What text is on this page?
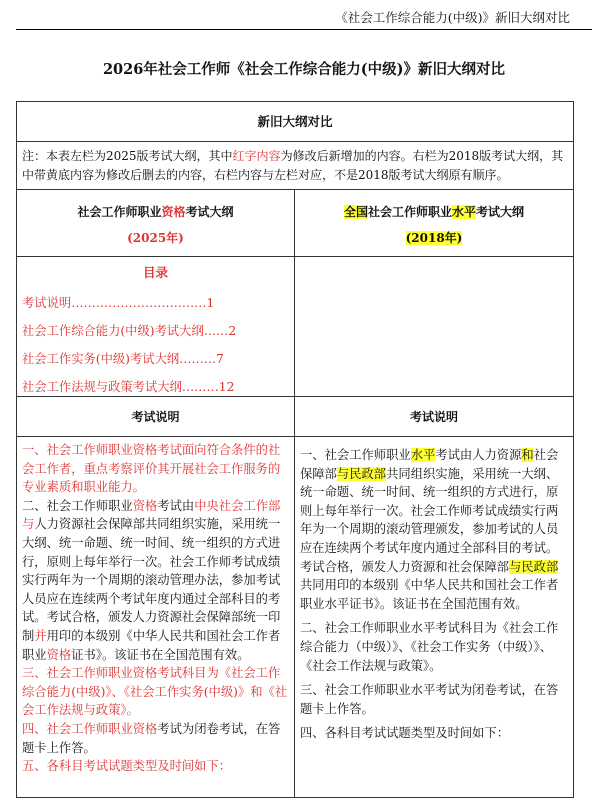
《社会工作综合能力(中级)》新旧大纲对比
2026年社会工作师《社会工作综合能力(中级)》新旧大纲对比
新旧大纲对比
注：本表左栏为2025版考试大纲，其中红字内容为修改后新增加的内容。右栏为2018版考试大纲，其中带黄底内容为修改后删去的内容，右栏内容与左栏对应，不是2018版考试大纲原有顺序。
社会工作师职业资格考试大纲
(2025年)
全国社会工作师职业水平考试大纲
(2018年)
目录
考试说明……………………………1
社会工作综合能力(中级)考试大纲……2
社会工作实务(中级)考试大纲………7
社会工作法规与政策考试大纲………12
考试说明	考试说明

一、社会工作师职业资格考试面向符合条件的社会工作者，重点考察评价其开展社会工作服务的专业素质和职业能力。

二、社会工作师职业资格考试由中央社会工作部与人力资源社会保障部共同组织实施，采用统一大纲、统一命题、统一时间、统一组织的方式进行，原则上每年举行一次。社会工作师考试成绩实行两年为一个周期的滚动管理办法，参加考试人员应在连续两个考试年度内通过全部科目的考试。考试合格，颁发人力资源社会保障部统一印制并用印的本级别《中华人民共和国社会工作者职业资格证书》。该证书在全国范围有效。

三、社会工作师职业资格考试科目为《社会工作综合能力(中级)》、《社会工作实务(中级)》和《社会工作法规与政策》。

四、社会工作师职业资格考试为闭卷考试，在答题卡上作答。

五、各科目考试试题类型及时间如下：

一、社会工作师职业水平考试由人力资源和社会保障部与民政部共同组织实施，采用统一大纲、统一命题、统一时间、统一组织的方式进行，原则上每年举行一次。社会工作师考试成绩实行两年为一个周期的滚动管理颁发，参加考试的人员应在连续两个考试年度内通过全部科目的考试。考试合格，颁发人力资源和社会保障部与民政部共同用印的本级别《中华人民共和国社会工作者职业水平证书》。该证书在全国范围有效。

二、社会工作师职业水平考试科目为《社会工作综合能力（中级）》、《社会工作实务（中级）》、《社会工作法规与政策》。

三、社会工作师职业水平考试为闭卷考试，在答题卡上作答。

四、各科目考试试题类型及时间如下：
